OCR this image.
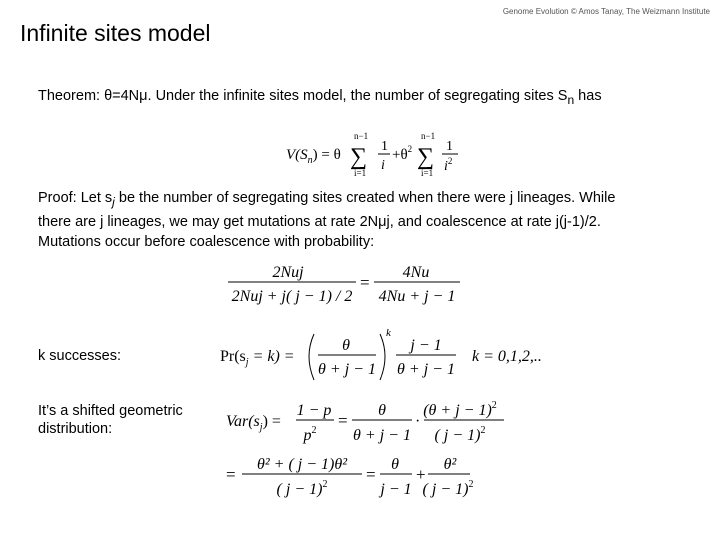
Genome Evolution © Amos Tanay, The Weizmann Institute
Infinite sites model
Theorem: θ=4Nμ. Under the infinite sites model, the number of segregating sites $S_n$ has
$V(S_n) = \theta$
n−1
∑
i=1
1
i
$+\theta^2$
n−1
∑
i=1
1
$i^2$
Proof: Let $s_j$ be the number of segregating sites created when there were j lineages. While there are j lineages, we may get mutations at rate 2Nμj, and coalescence at rate j(j-1)/2. Mutations occur before coalescence with probability:
2Nuj
2Nuj + j( j − 1) / 2
=
4Nu
4Nu + j − 1
k successes:	$Pr(s_j = k)$ =
θ
θ + j − 1
k
j − 1
θ + j − 1
k = 0,1,2,..
It’s a shifted geometric distribution:	$Var(s_j)$ =
1 − p
$p^2$
=
θ
θ + j − 1
·
$(\theta + j - 1)^2$
( j − 1)$^2$
=
θ² + ( j − 1)θ²
( j − 1)$^2$
=
θ
j − 1
+
θ²
( j − 1)$^2$
